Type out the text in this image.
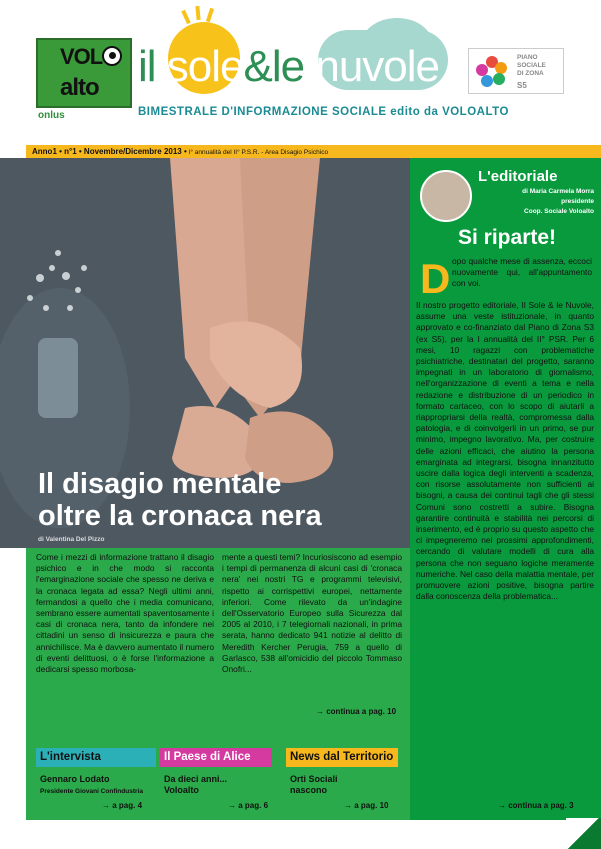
VOL
alto
onlus
il sole&le nuvole
BIMESTRALE D'INFORMAZIONE SOCIALE edito da VOLOALTO
PIANO
SOCIALE
DI ZONA
S5
Anno1 • n°1 • Novembre/Dicembre 2013 • I° annualità del II° P.S.R. - Area Disagio Psichico
Il disagio mentale
oltre la cronaca nera
di Valentina Del Pizzo
Come i mezzi di informazione trattano il disagio psichico e in che modo si racconta l'emarginazione sociale che spesso ne deriva e la cronaca legata ad essa? Negli ultimi anni, fermandosi a quello che i media comunicano, sembrano essere aumentati spaventosamente i casi di cronaca nera, tanto da infondere nei cittadini un senso di insicurezza e paura che annichilisce. Ma è davvero aumentato il numero di eventi delittuosi, o è forse l'informazione a dedicarsi spesso morbosa-
mente a questi temi? Incuriosiscono ad esempio i tempi di permanenza di alcuni casi di 'cronaca nera' nei nostri TG e programmi televisivi, rispetto ai corrispettivi europei, nettamente inferiori. Come rilevato da un'indagine dell'Osservatorio Europeo sulla Sicurezza dal 2005 al 2010, i 7 telegiornali nazionali, in prima serata, hanno dedicato 941 notizie al delitto di Meredith Kercher Perugia, 759 a quello di Garlasco, 538 all'omicidio del piccolo Tommaso Onofri...
→ continua a pag. 10
L'intervista
Gennaro Lodato
Presidente Giovani Confindustria
→ a pag. 4
Il Paese di Alice
Da dieci anni... Voloalto
→ a pag. 6
News dal Territorio
Orti Sociali nascono
→ a pag. 10
L'editoriale
di Maria Carmela Morra
presidente
Coop. Sociale Voloalto
Si riparte!
D opo qualche mese di assenza, eccoci nuovamente qui, all'appuntamento con voi.
Il nostro progetto editoriale, Il Sole & le Nuvole, assume una veste istituzionale, in quanto approvato e co-finanziato dal Piano di Zona S3 (ex S5), per la I annualità del II° PSR. Per 6 mesi, 10 ragazzi con problematiche psichiatriche, destinatari del progetto, saranno impegnati in un laboratorio di giornalismo, nell'organizzazione di eventi a tema e nella redazione e distribuzione di un periodico in formato cartaceo, con lo scopo di aiutarli a riappropriarsi della realtà, compromessa dalla patologia, e di coinvolgerli in un primo, se pur minimo, impegno lavorativo. Ma, per costruire delle azioni efficaci, che aiutino la persona emarginata ad integrarsi, bisogna innanzitutto uscire dalla logica degli interventi a scadenza, con risorse assolutamente non sufficienti ai bisogni, a causa dei continui tagli che gli stessi Comuni sono costretti a subire. Bisogna garantire continuità e stabilità nei percorsi di inserimento, ed è proprio su questo aspetto che ci impegneremo nei prossimi approfondimenti, cercando di valutare modelli di cura alla persona che non seguano logiche meramente numeriche. Nel caso della malattia mentale, per promuovere azioni positive, bisogna partire dalla conoscenza della problematica...
→ continua a pag. 3
